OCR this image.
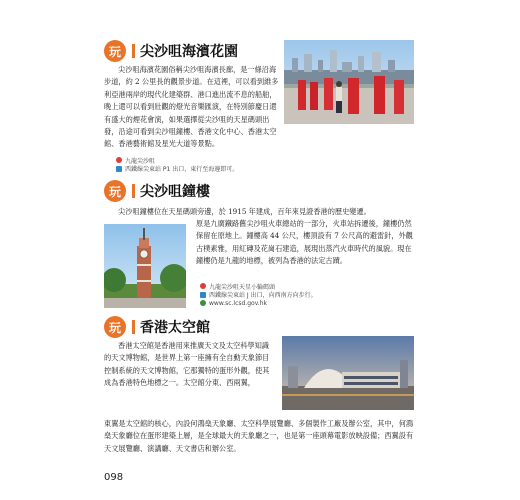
玩	尖沙咀海濱花園

尖沙咀海濱花園俗稱尖沙咀海濱長廊，是一條沿海步道，約 2 公里長的觀景步道。在這裡，可以看到維多利亞港兩岸的現代化建築群、港口進出流不息的船舶，晚上還可以看到壯觀的燈光音樂匯演，在特別節慶日還有盛大的煙花會演，如果選擇從尖沙咀的天星碼頭出發，沿途可看到尖沙咀鐘樓、香港文化中心、香港太空館、香港藝術館及星光大道等景點。

九龍尖沙咀
西鐵線尖東站 P1 出口，東行至海邊即可。
玩	尖沙咀鐘樓

尖沙咀鐘樓位在天星碼頭旁邊，於 1915 年建成，百年來見證香港的歷史變遷。

原是九廣鐵路舊尖沙咀火車總站的一部分，火車站拆遷後，鐘樓仍然保留在原地上。鐘樓高 44 公尺，樓頂設有 7 公尺高的避雷針，外觀古樸素雅，用紅磚及花崗石建造，展現出蒸汽火車時代的風貌。現在鐘樓仍是九龍的地標，被列為香港的法定古蹟。

九龍尖沙咀天星小輪碼頭
西鐵線尖東站 J 出口，向西南方向步行。
www.sc.lcsd.gov.hk
玩	香港太空館

香港太空館是香港用來推廣天文及太空科學知識的天文博物館，是世界上第一座擁有全自動天象節目控制系統的天文博物館，它那獨特的蛋形外觀，使其成為香港特色地標之一。太空館分東、西兩翼，

東翼是太空館的核心，內設何鴻燊天象廳、太空科學展覽廳、多個製作工廠及辦公室，其中，何鴻燊天象廳位在蛋形建築上層，是全球最大的天象廳之一，也是第一座頭幕電影放映設備；西翼設有天文展覽廳、演講廳、天文書店和辦公室。

098
